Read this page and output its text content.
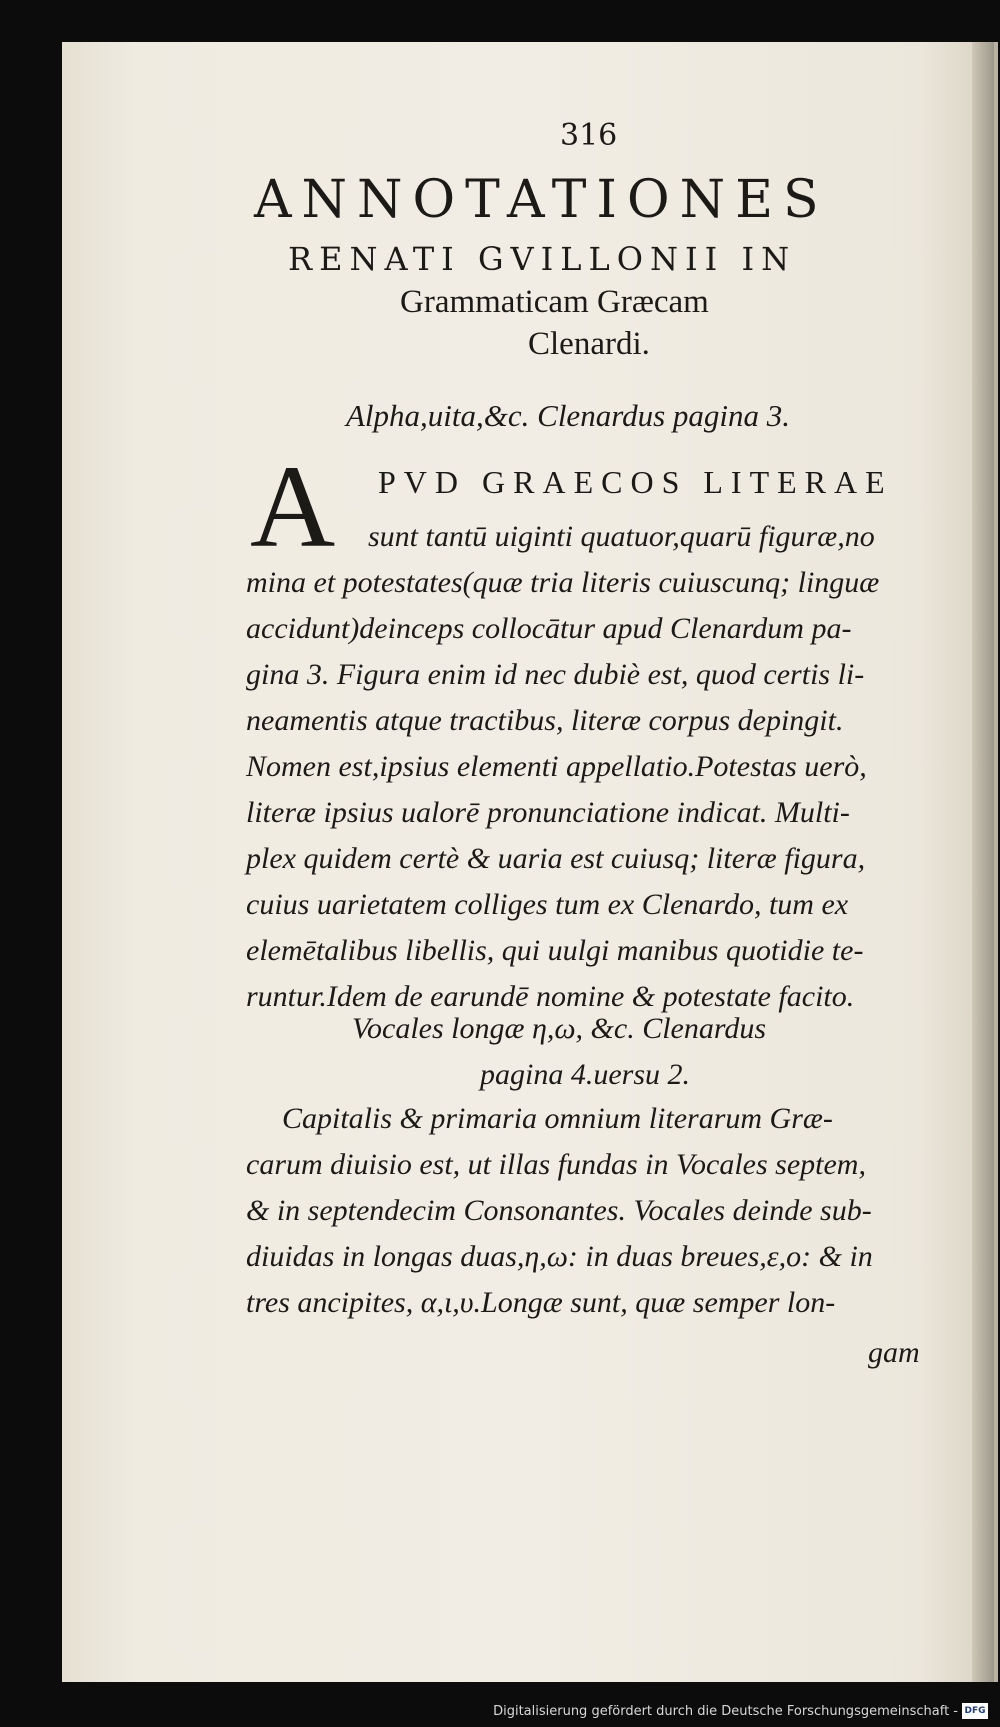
316
ANNOTATIONES
RENATI GVILLONII IN
Grammaticam Græcam
Clenardi.
Alpha,uita,&c. Clenardus pagina 3.
A PVD GRAECOS LITERAE
sunt tantū uiginti quatuor,quarū figuræ,no
mina et potestates(quæ tria literis cuiuscunq; linguæ
accidunt)deinceps collocātur apud Clenardum pa-
gina 3. Figura enim id nec dubiè est, quod certis li-
neamentis atque tractibus, literæ corpus depingit.
Nomen est,ipsius elementi appellatio.Potestas uerò,
literæ ipsius ualorē pronunciatione indicat. Multi-
plex quidem certè & uaria est cuiusq; literæ figura,
cuius uarietatem colliges tum ex Clenardo, tum ex
elemētalibus libellis, qui uulgi manibus quotidie te-
runtur.Idem de earundē nomine & potestate facito.
Vocales longæ η,ω, &c. Clenardus
pagina 4.uersu 2.
Capitalis & primaria omnium literarum Græ-
carum diuisio est, ut illas fundas in Vocales septem,
& in septendecim Consonantes. Vocales deinde sub-
diuidas in longas duas,η,ω: in duas breues,ε,ο: & in
tres ancipites, α,ι,υ.Longæ sunt, quæ semper lon-
gam
Digitalisierung gefördert durch die Deutsche Forschungsgemeinschaft - DFG
